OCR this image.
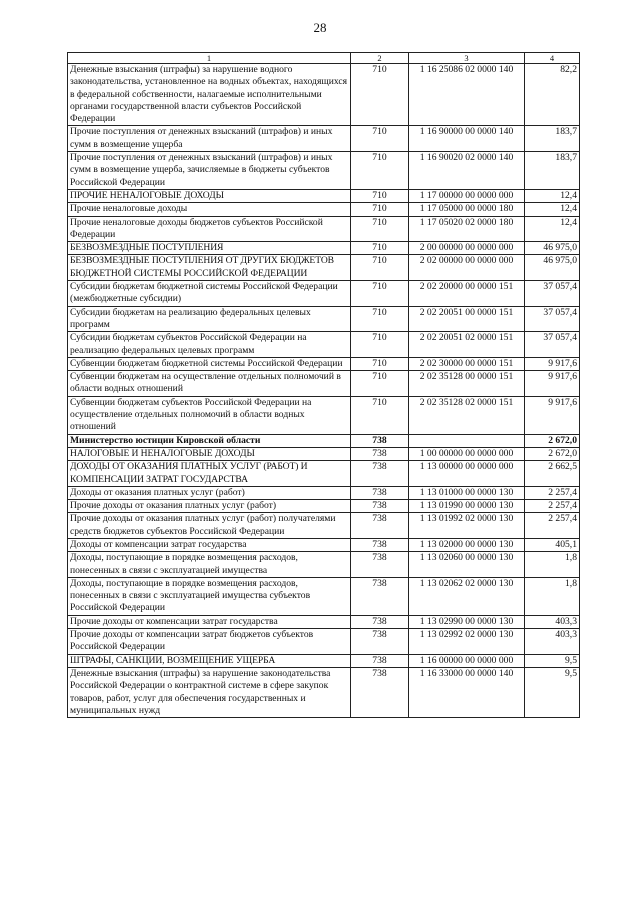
28
1	2	3	4
Денежные взыскания (штрафы) за нарушение водного законодательства, установленное на водных объектах, находящихся в федеральной собственности, налагаемые исполнительными органами государственной власти субъектов Российской Федерации	710	1 16 25086 02 0000 140	82,2
Прочие поступления от денежных взысканий (штрафов) и иных сумм в возмещение ущерба	710	1 16 90000 00 0000 140	183,7
Прочие поступления от денежных взысканий (штрафов) и иных сумм в возмещение ущерба, зачисляемые в бюджеты субъектов Российской Федерации	710	1 16 90020 02 0000 140	183,7
ПРОЧИЕ НЕНАЛОГОВЫЕ ДОХОДЫ	710	1 17 00000 00 0000 000	12,4
Прочие неналоговые доходы	710	1 17 05000 00 0000 180	12,4
Прочие неналоговые доходы бюджетов субъектов Российской Федерации	710	1 17 05020 02 0000 180	12,4
БЕЗВОЗМЕЗДНЫЕ ПОСТУПЛЕНИЯ	710	2 00 00000 00 0000 000	46 975,0
БЕЗВОЗМЕЗДНЫЕ ПОСТУПЛЕНИЯ ОТ ДРУГИХ БЮДЖЕТОВ БЮДЖЕТНОЙ СИСТЕМЫ РОССИЙСКОЙ ФЕДЕРАЦИИ	710	2 02 00000 00 0000 000	46 975,0
Субсидии бюджетам бюджетной системы Российской Федерации (межбюджетные субсидии)	710	2 02 20000 00 0000 151	37 057,4
Субсидии бюджетам на реализацию федеральных целевых программ	710	2 02 20051 00 0000 151	37 057,4
Субсидии бюджетам субъектов Российской Федерации на реализацию федеральных целевых программ	710	2 02 20051 02 0000 151	37 057,4
Субвенции бюджетам бюджетной системы Российской Федерации	710	2 02 30000 00 0000 151	9 917,6
Субвенции бюджетам на осуществление отдельных полномочий в области водных отношений	710	2 02 35128 00 0000 151	9 917,6
Субвенции бюджетам субъектов Российской Федерации на осуществление отдельных полномочий в области водных отношений	710	2 02 35128 02 0000 151	9 917,6
Министерство юстиции Кировской области	738		2 672,0
НАЛОГОВЫЕ И НЕНАЛОГОВЫЕ ДОХОДЫ	738	1 00 00000 00 0000 000	2 672,0
ДОХОДЫ ОТ ОКАЗАНИЯ ПЛАТНЫХ УСЛУГ (РАБОТ) И КОМПЕНСАЦИИ ЗАТРАТ ГОСУДАРСТВА	738	1 13 00000 00 0000 000	2 662,5
Доходы от оказания платных услуг (работ)	738	1 13 01000 00 0000 130	2 257,4
Прочие доходы от оказания платных услуг (работ)	738	1 13 01990 00 0000 130	2 257,4
Прочие доходы от оказания платных услуг (работ) получателями средств бюджетов субъектов Российской Федерации	738	1 13 01992 02 0000 130	2 257,4
Доходы от компенсации затрат государства	738	1 13 02000 00 0000 130	405,1
Доходы, поступающие в порядке возмещения расходов, понесенных в связи с эксплуатацией имущества	738	1 13 02060 00 0000 130	1,8
Доходы, поступающие в порядке возмещения расходов, понесенных в связи с эксплуатацией имущества субъектов Российской Федерации	738	1 13 02062 02 0000 130	1,8
Прочие доходы от компенсации затрат государства	738	1 13 02990 00 0000 130	403,3
Прочие доходы от компенсации затрат бюджетов субъектов Российской Федерации	738	1 13 02992 02 0000 130	403,3
ШТРАФЫ, САНКЦИИ, ВОЗМЕЩЕНИЕ УЩЕРБА	738	1 16 00000 00 0000 000	9,5
Денежные взыскания (штрафы) за нарушение законодательства Российской Федерации о контрактной системе в сфере закупок товаров, работ, услуг для обеспечения государственных и муниципальных нужд	738	1 16 33000 00 0000 140	9,5
